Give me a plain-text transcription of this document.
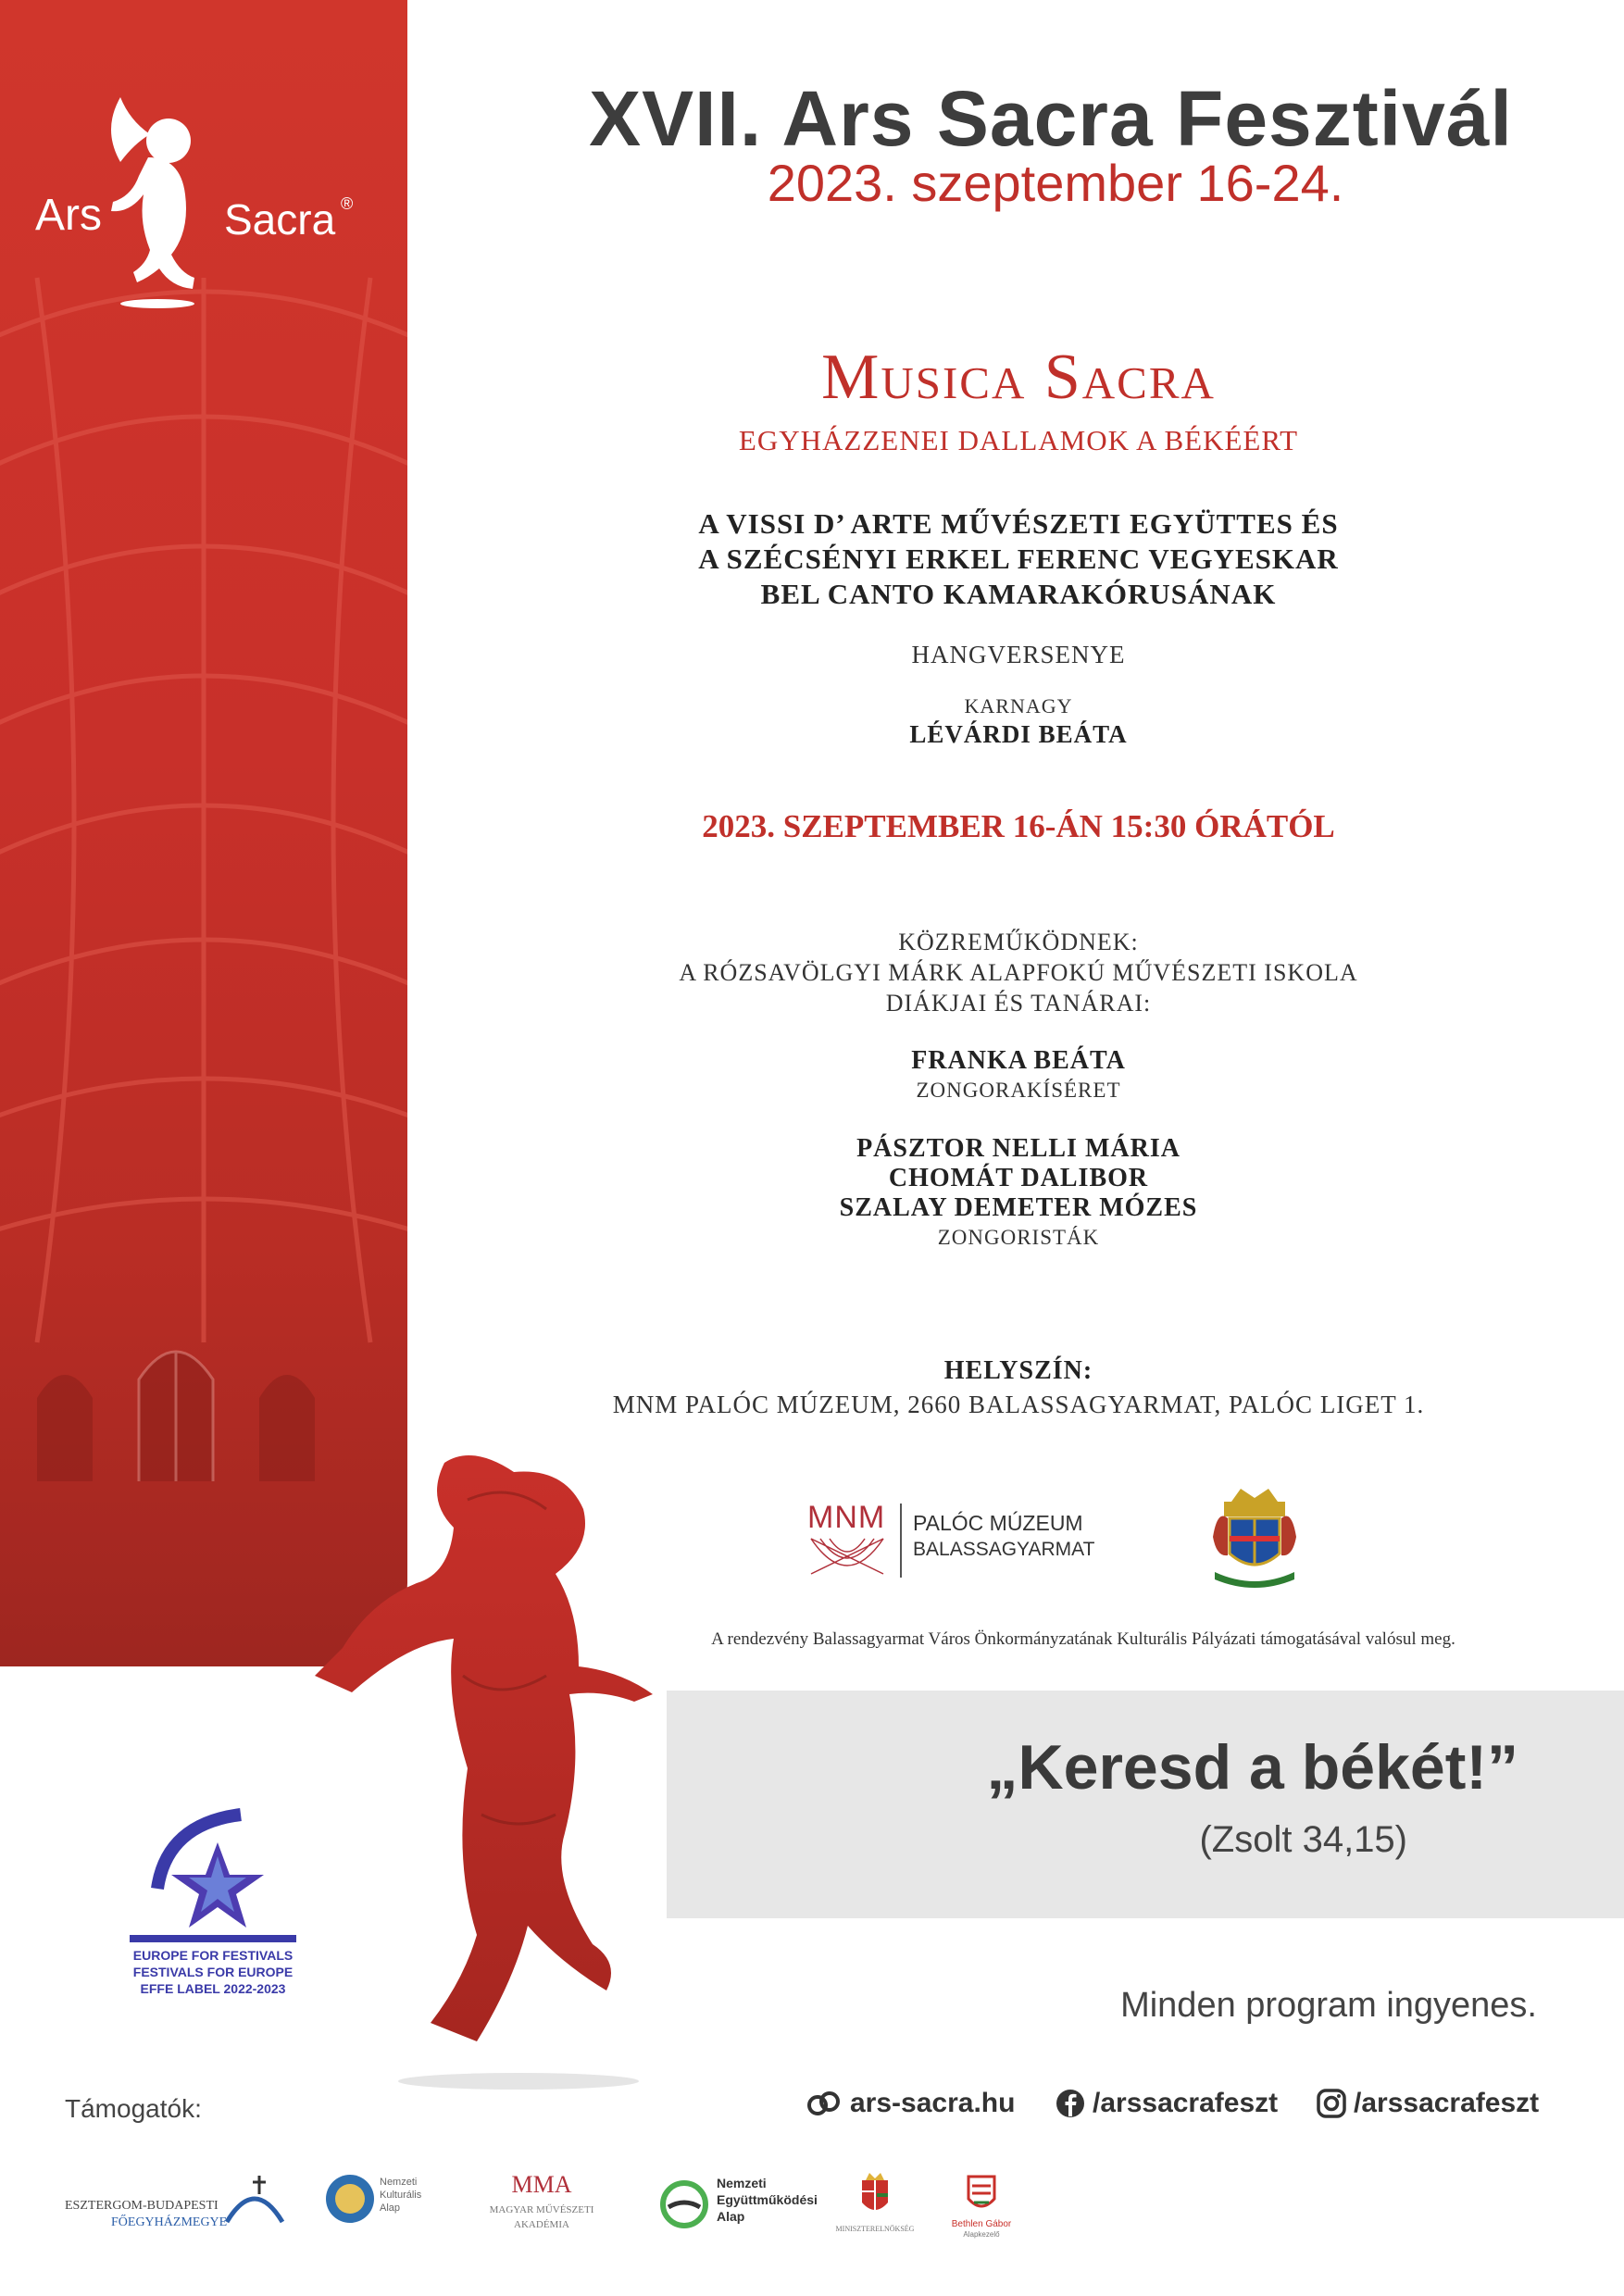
Ars	Sacra ®
XVII. Ars Sacra Fesztivál
2023. szeptember 16-24.
Musica Sacra
EGYHÁZZENEI DALLAMOK A BÉKÉÉRT
A VISSI D’ ARTE MŰVÉSZETI EGYÜTTES ÉS
A SZÉCSÉNYI ERKEL FERENC VEGYESKAR
BEL CANTO KAMARAKÓRUSÁNAK
HANGVERSENYE
KARNAGY
LÉVÁRDI BEÁTA
2023. SZEPTEMBER 16-ÁN 15:30 ÓRÁTÓL
KÖZREMŰKÖDNEK:
A RÓZSAVÖLGYI MÁRK ALAPFOKÚ MŰVÉSZETI ISKOLA
DIÁKJAI ÉS TANÁRAI:
FRANKA BEÁTA
ZONGORAKÍSÉRET
PÁSZTOR NELLI MÁRIA
CHOMÁT DALIBOR
SZALAY DEMETER MÓZES
ZONGORISTÁK
HELYSZÍN:
MNM PALÓC MÚZEUM, 2660 BALASSAGYARMAT, PALÓC LIGET 1.
MNM PALÓC MÚZEUM
BALASSAGYARMAT
A rendezvény Balassagyarmat Város Önkormányzatának Kulturális Pályázati támogatásával valósul meg.
„Keresd a békét!”
(Zsolt 34,15)
Minden program ingyenes.
REMARKABLE ARTS FESTIVAL
EUROPE FOR FESTIVALS
FESTIVALS FOR EUROPE
EFFE LABEL 2022-2023
Támogatók:	ars-sacra.hu	/arssacrafeszt	/arssacrafeszt
ESZTERGOM-BUDAPESTI
FŐEGYHÁZMEGYE
Nemzeti
Kulturális
Alap
MMA
MAGYAR MŰVÉSZETI
AKADÉMIA
Nemzeti
Együttműködési
Alap
MINISZTERELNÖKSÉG	Bethlen Gábor
Alapkezelő
